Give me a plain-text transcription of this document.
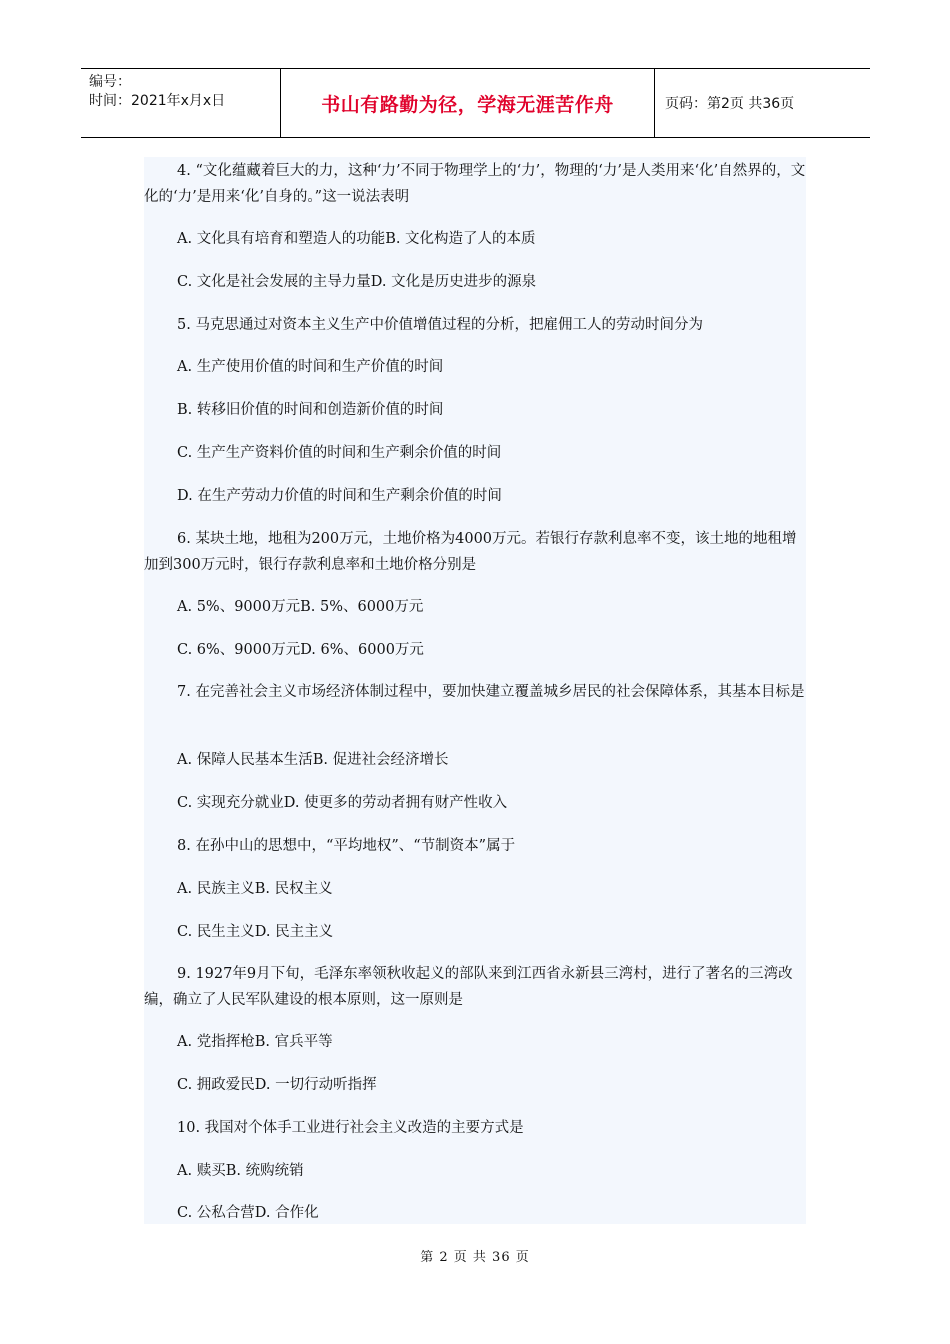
编号：
时间：2021年x月x日	书山有路勤为径，学海无涯苦作舟	页码：第2页 共36页
4. “文化蕴藏着巨大的力，这种‘力’不同于物理学上的‘力’，物理的‘力’是人类用来‘化’自然界的，文化的‘力’是用来‘化’自身的。”这一说法表明
A. 文化具有培育和塑造人的功能B. 文化构造了人的本质
C. 文化是社会发展的主导力量D. 文化是历史进步的源泉
5. 马克思通过对资本主义生产中价值增值过程的分析，把雇佣工人的劳动时间分为
A. 生产使用价值的时间和生产价值的时间
B. 转移旧价值的时间和创造新价值的时间
C. 生产生产资料价值的时间和生产剩余价值的时间
D. 在生产劳动力价值的时间和生产剩余价值的时间
6. 某块土地，地租为200万元，土地价格为4000万元。若银行存款利息率不变，该土地的地租增加到300万元时，银行存款利息率和土地价格分别是
A. 5%、9000万元B. 5%、6000万元
C. 6%、9000万元D. 6%、6000万元
7. 在完善社会主义市场经济体制过程中，要加快建立覆盖城乡居民的社会保障体系，其基本目标是
A. 保障人民基本生活B. 促进社会经济增长
C. 实现充分就业D. 使更多的劳动者拥有财产性收入
8. 在孙中山的思想中，“平均地权”、“节制资本”属于
A. 民族主义B. 民权主义
C. 民生主义D. 民主主义
9. 1927年9月下旬，毛泽东率领秋收起义的部队来到江西省永新县三湾村，进行了著名的三湾改编，确立了人民军队建设的根本原则，这一原则是
A. 党指挥枪B. 官兵平等
C. 拥政爱民D. 一切行动听指挥
10. 我国对个体手工业进行社会主义改造的主要方式是
A. 赎买B. 统购统销
C. 公私合营D. 合作化
第 2 页 共 36 页
